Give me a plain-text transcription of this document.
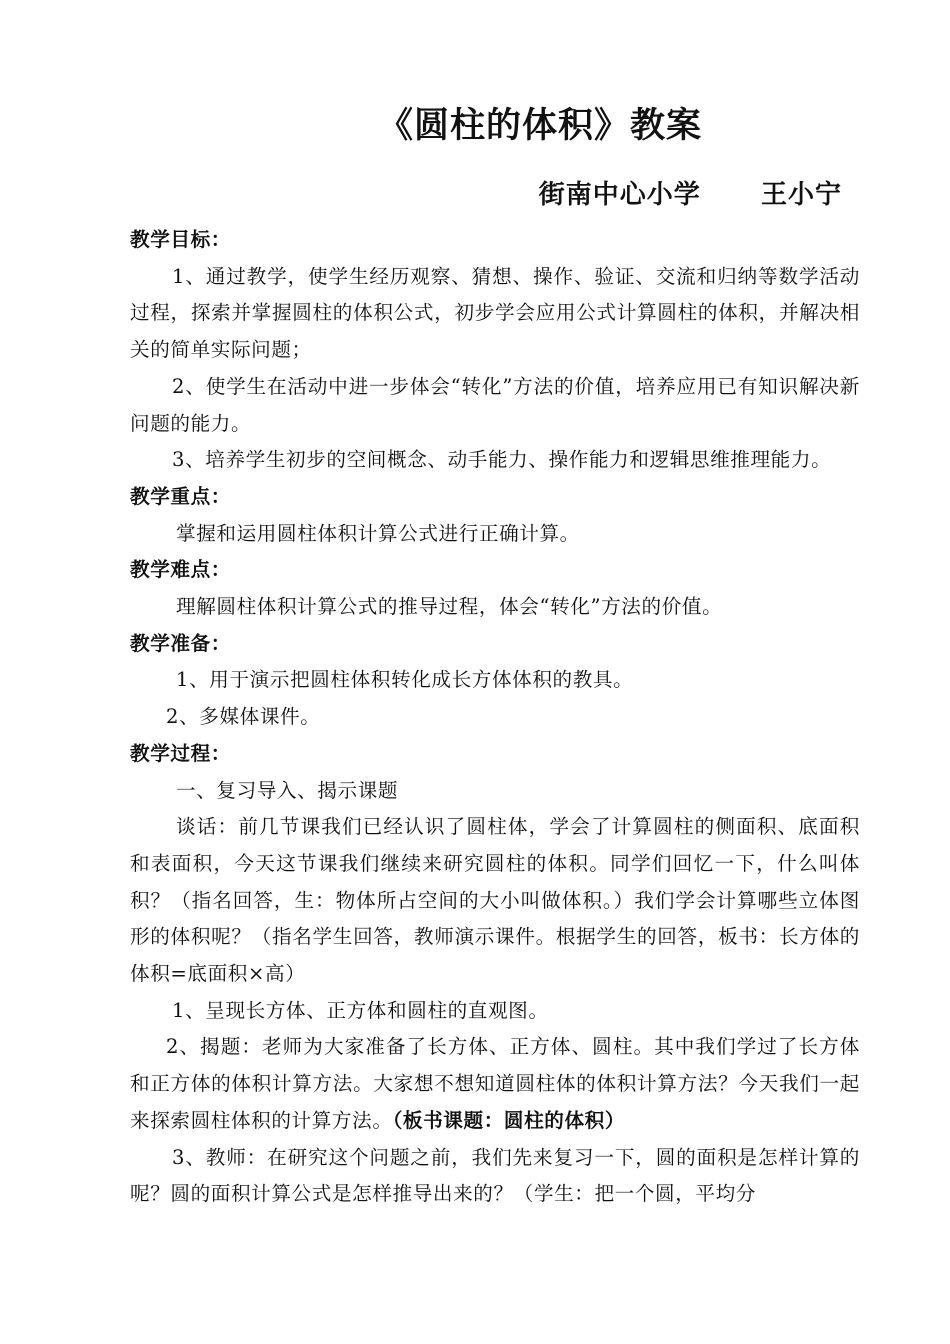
《圆柱的体积》教案
街南中心小学      王小宁

教学目标：

1、通过教学，使学生经历观察、猜想、操作、验证、交流和归纳等数学活动过程，探索并掌握圆柱的体积公式，初步学会应用公式计算圆柱的体积，并解决相关的简单实际问题；

2、使学生在活动中进一步体会“转化”方法的价值，培养应用已有知识解决新问题的能力。

3、培养学生初步的空间概念、动手能力、操作能力和逻辑思维推理能力。

教学重点：

掌握和运用圆柱体积计算公式进行正确计算。

教学难点：

理解圆柱体积计算公式的推导过程，体会“转化”方法的价值。

教学准备：

1、用于演示把圆柱体积转化成长方体体积的教具。

2、多媒体课件。

教学过程：

一、复习导入、揭示课题

谈话：前几节课我们已经认识了圆柱体，学会了计算圆柱的侧面积、底面积和表面积，今天这节课我们继续来研究圆柱的体积。同学们回忆一下，什么叫体积？（指名回答，生：物体所占空间的大小叫做体积。）我们学会计算哪些立体图形的体积呢？（指名学生回答，教师演示课件。根据学生的回答，板书：长方体的体积=底面积×高）

1、呈现长方体、正方体和圆柱的直观图。

2、揭题：老师为大家准备了长方体、正方体、圆柱。其中我们学过了长方体和正方体的体积计算方法。大家想不想知道圆柱体的体积计算方法？今天我们一起来探索圆柱体积的计算方法。（板书课题：圆柱的体积）

3、教师：在研究这个问题之前，我们先来复习一下，圆的面积是怎样计算的呢？圆的面积计算公式是怎样推导出来的？（学生：把一个圆，平均分
